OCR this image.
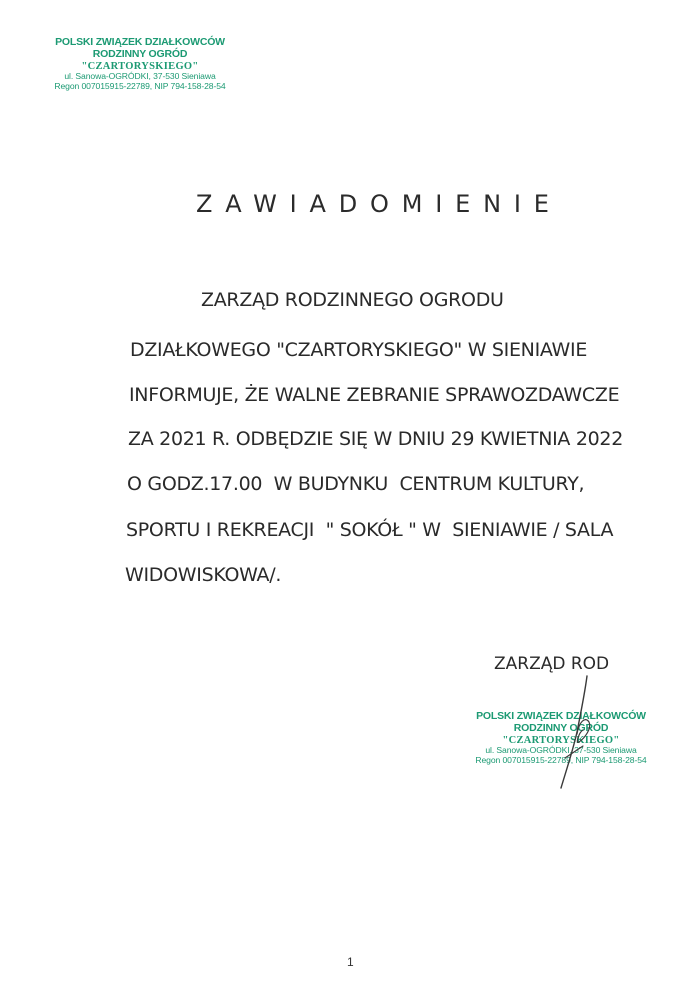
POLSKI ZWIĄZEK DZIAŁKOWCÓW
RODZINNY OGRÓD
"CZARTORYSKIEGO"
ul. Sanowa-OGRÓDKI, 37-530 Sieniawa
Regon 007015915-22789, NIP 794-158-28-54
ZAWIADOMIENIE
ZARZĄD RODZINNEGO OGRODU
DZIAŁKOWEGO "CZARTORYSKIEGO" W SIENIAWIE
INFORMUJE, ŻE WALNE ZEBRANIE SPRAWOZDAWCZE
ZA 2021 R. ODBĘDZIE SIĘ W DNIU 29 KWIETNIA 2022
O GODZ.17.00  W BUDYNKU  CENTRUM KULTURY,
SPORTU I REKREACJI  " SOKÓŁ " W  SIENIAWIE / SALA
WIDOWISKOWA/.
ZARZĄD ROD
POLSKI ZWIĄZEK DZIAŁKOWCÓW
RODZINNY OGRÓD
"CZARTORYSKIEGO"
ul. Sanowa-OGRÓDKI, 37-530 Sieniawa
Regon 007015915-22789, NIP 794-158-28-54
1
